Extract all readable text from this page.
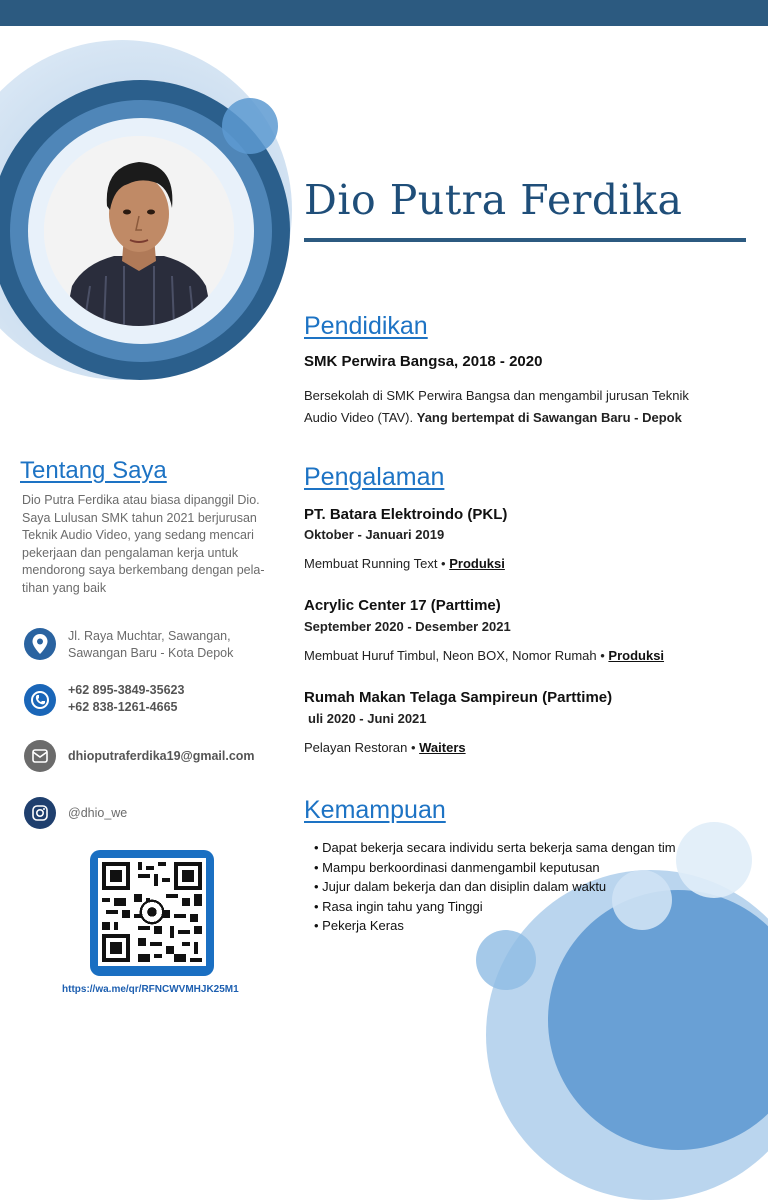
Dio Putra Ferdika
Pendidikan
SMK Perwira Bangsa, 2018 - 2020
Bersekolah di SMK Perwira Bangsa dan mengambil jurusan Teknik
Audio Video (TAV). Yang bertempat di Sawangan Baru - Depok
Tentang Saya
Dio Putra Ferdika atau biasa dipanggil Dio.
Saya Lulusan SMK tahun 2021 berjurusan
Teknik Audio Video, yang sedang mencari
pekerjaan dan pengalaman kerja untuk
mendorong saya berkembang dengan pela-
tihan yang baik
Jl. Raya Muchtar, Sawangan,
Sawangan Baru - Kota Depok
+62 895-3849-35623
+62 838-1261-4665
dhioputraferdika19@gmail.com
@dhio_we
https://wa.me/qr/RFNCWVMHJK25M1
Pengalaman
PT. Batara Elektroindo (PKL)
Oktober - Januari 2019
Membuat Running Text • Produksi
Acrylic Center 17 (Parttime)
September 2020 - Desember 2021
Membuat Huruf Timbul, Neon BOX, Nomor Rumah • Produksi
Rumah Makan Telaga Sampireun (Parttime)
uli 2020 - Juni 2021
Pelayan Restoran • Waiters
Kemampuan
• Dapat bekerja secara individu serta bekerja sama dengan tim
• Mampu berkoordinasi danmengambil keputusan
• Jujur dalam bekerja dan dan disiplin dalam waktu
• Rasa ingin tahu yang Tinggi
• Pekerja Keras
